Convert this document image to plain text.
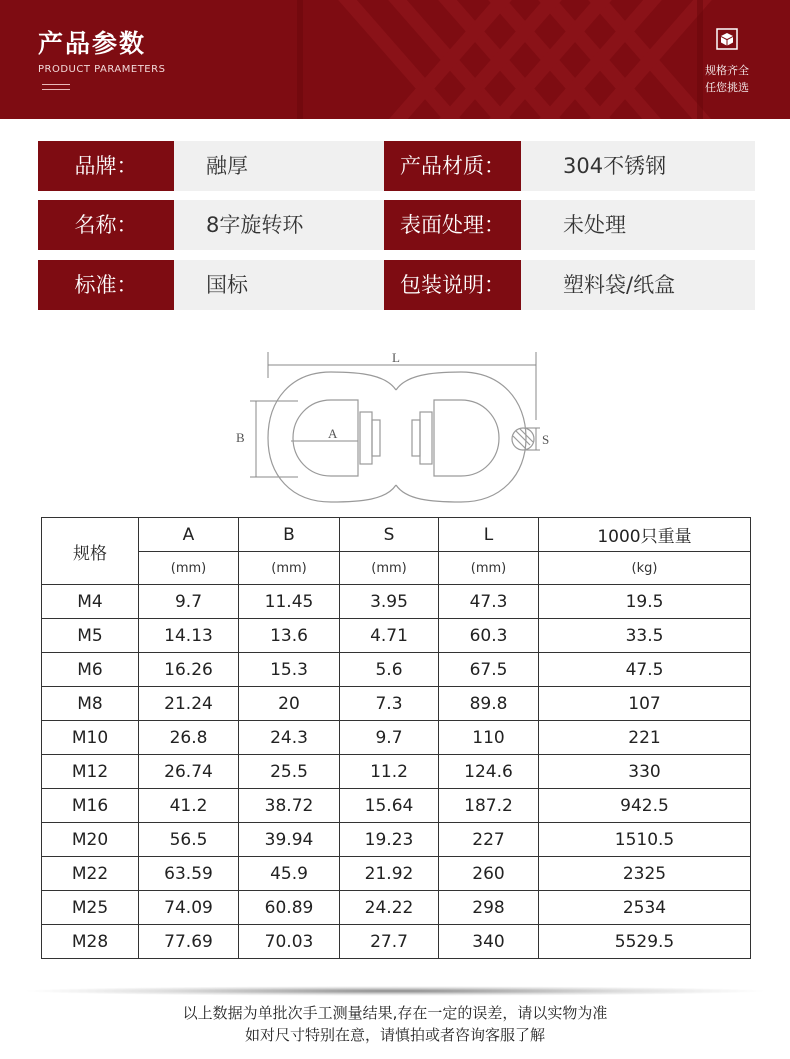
产品参数
PRODUCT PARAMETERS	规格齐全
任您挑选
品牌：	融厚	产品材质：	304不锈钢
名称：	8字旋转环	表面处理：	未处理
标准：	国标	包装说明：	塑料袋/纸盒
L
B	A	S
规格	A	B	S	L	1000只重量
	(mm)	(mm)	(mm)	(mm)	(kg)
M4	9.7	11.45	3.95	47.3	19.5
M5	14.13	13.6	4.71	60.3	33.5
M6	16.26	15.3	5.6	67.5	47.5
M8	21.24	20	7.3	89.8	107
M10	26.8	24.3	9.7	110	221
M12	26.74	25.5	11.2	124.6	330
M16	41.2	38.72	15.64	187.2	942.5
M20	56.5	39.94	19.23	227	1510.5
M22	63.59	45.9	21.92	260	2325
M25	74.09	60.89	24.22	298	2534
M28	77.69	70.03	27.7	340	5529.5
以上数据为单批次手工测量结果,存在一定的误差，请以实物为准
如对尺寸特别在意，请慎拍或者咨询客服了解
